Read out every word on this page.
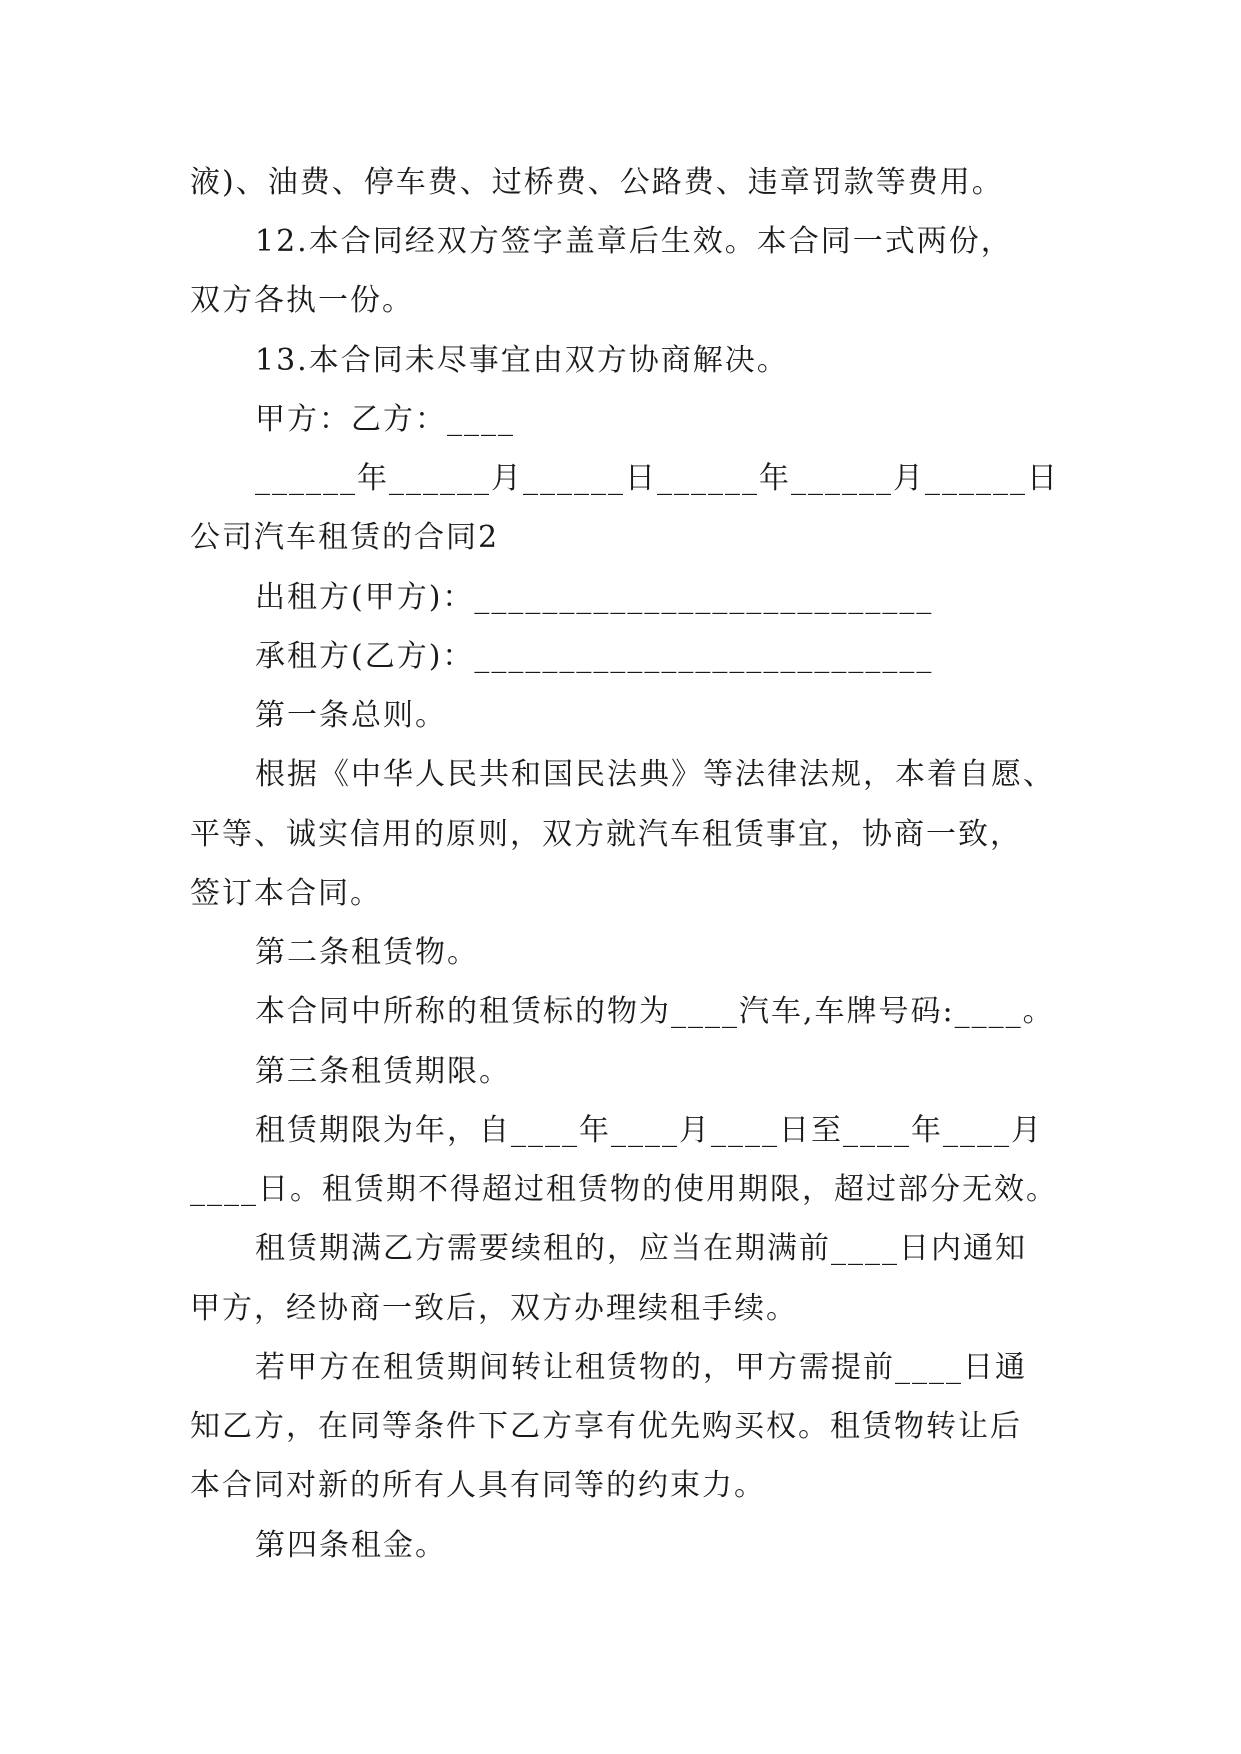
液)、油费、停车费、过桥费、公路费、违章罚款等费用。
12.本合同经双方签字盖章后生效。本合同一式两份，
双方各执一份。
13.本合同未尽事宜由双方协商解决。
甲方：乙方：____
______年______月______日______年______月______日
公司汽车租赁的合同2
出租方(甲方)：___________________________
承租方(乙方)：___________________________
第一条总则。
根据《中华人民共和国民法典》等法律法规，本着自愿、
平等、诚实信用的原则，双方就汽车租赁事宜，协商一致，
签订本合同。
第二条租赁物。
本合同中所称的租赁标的物为____汽车,车牌号码:____。
第三条租赁期限。
租赁期限为年，自____年____月____日至____年____月
____日。租赁期不得超过租赁物的使用期限，超过部分无效。
租赁期满乙方需要续租的，应当在期满前____日内通知
甲方，经协商一致后，双方办理续租手续。
若甲方在租赁期间转让租赁物的，甲方需提前____日通
知乙方，在同等条件下乙方享有优先购买权。租赁物转让后
本合同对新的所有人具有同等的约束力。
第四条租金。
